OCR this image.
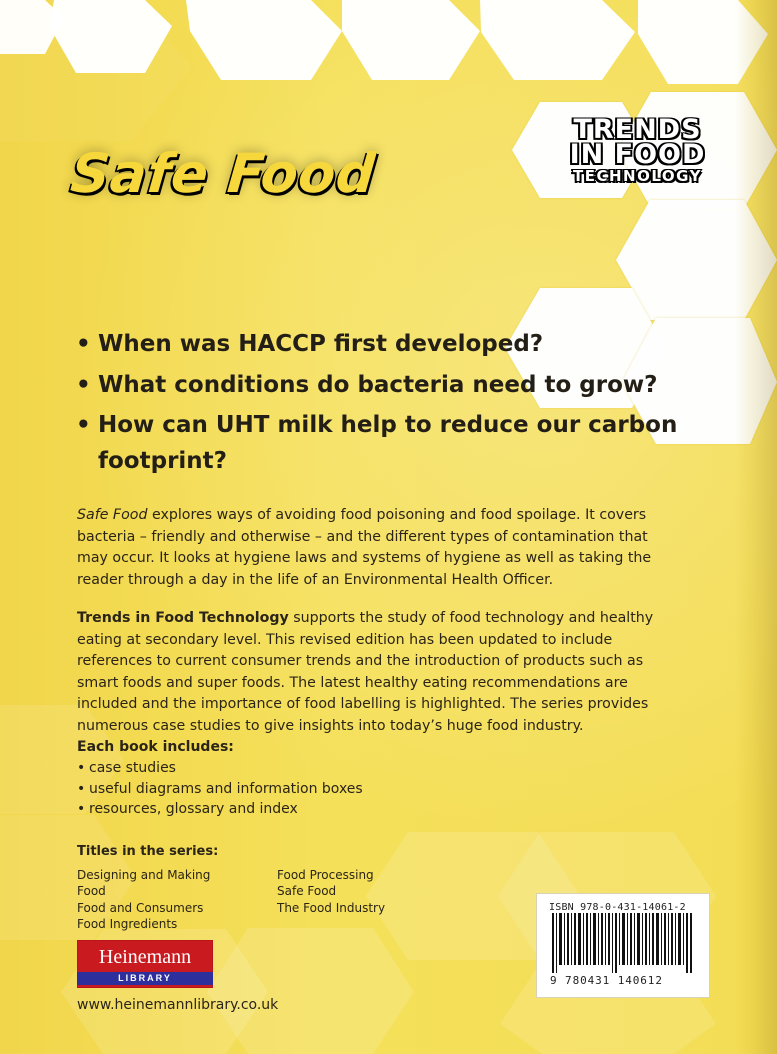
Safe Food
TRENDS
IN FOOD
TECHNOLOGY
• When was HACCP first developed?
• What conditions do bacteria need to grow?
• How can UHT milk help to reduce our carbon footprint?
Safe Food explores ways of avoiding food poisoning and food spoilage. It covers bacteria – friendly and otherwise – and the different types of contamination that may occur. It looks at hygiene laws and systems of hygiene as well as taking the reader through a day in the life of an Environmental Health Officer.
Trends in Food Technology supports the study of food technology and healthy eating at secondary level. This revised edition has been updated to include references to current consumer trends and the introduction of products such as smart foods and super foods. The latest healthy eating recommendations are included and the importance of food labelling is highlighted. The series provides numerous case studies to give insights into today’s huge food industry.
Each book includes:
• case studies
• useful diagrams and information boxes
• resources, glossary and index
Titles in the series:
Designing and Making Food
Food and Consumers
Food Ingredients
Food Processing
Safe Food
The Food Industry
Heinemann
LIBRARY
www.heinemannlibrary.co.uk
ISBN 978-0-431-14061-2
9 780431 140612
